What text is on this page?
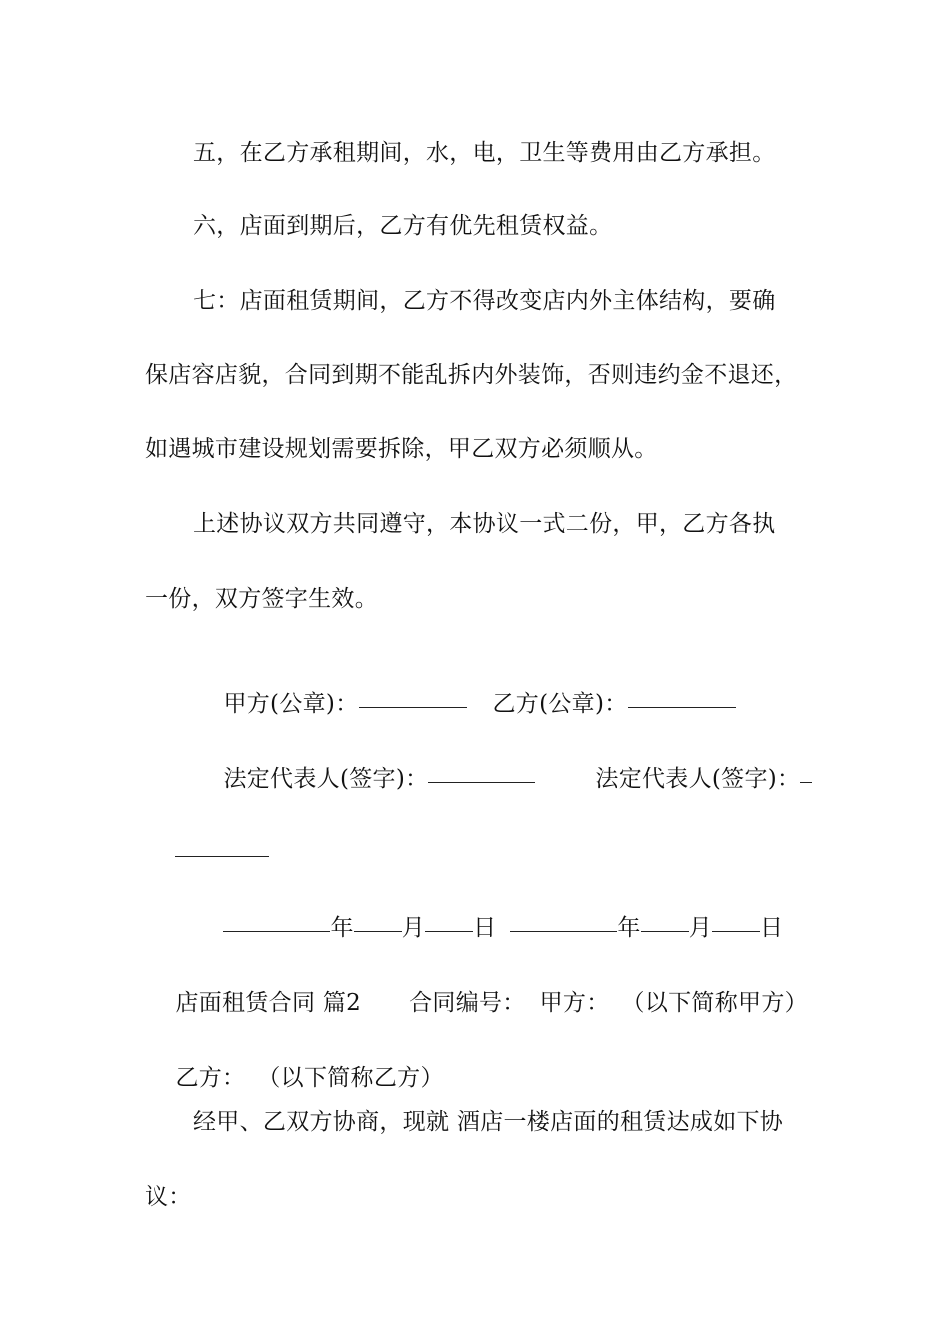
五，在乙方承租期间，水，电，卫生等费用由乙方承担。
六，店面到期后，乙方有优先租赁权益。
七：店面租赁期间，乙方不得改变店内外主体结构，要确
保店容店貌，合同到期不能乱拆内外装饰，否则违约金不退还，
如遇城市建设规划需要拆除，甲乙双方必须顺从。
上述协议双方共同遵守，本协议一式二份，甲，乙方各执
一份，双方签字生效。

甲方(公章)：	乙方(公章)：

法定代表人(签字)：	法定代表人(签字)：

年 月 日	年 月 日

店面租赁合同 篇2 合同编号： 甲方： （以下简称甲方）

乙方： （以下简称乙方）

经甲、乙双方协商，现就 酒店一楼店面的租赁达成如下协
议：
